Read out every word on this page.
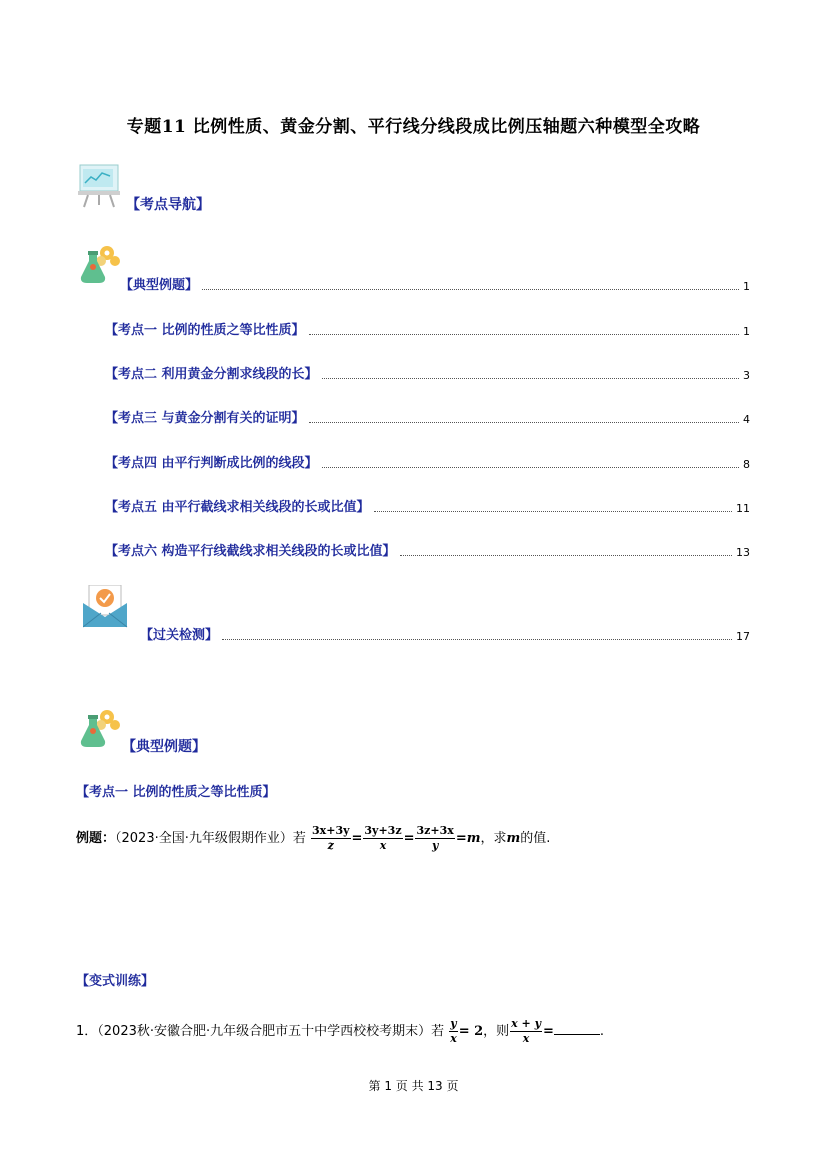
专题11 比例性质、黄金分割、平行线分线段成比例压轴题六种模型全攻略
【考点导航】
【典型例题】	1
【考点一 比例的性质之等比性质】	1
【考点二 利用黄金分割求线段的长】	3
【考点三 与黄金分割有关的证明】	4
【考点四 由平行判断成比例的线段】	8
【考点五 由平行截线求相关线段的长或比值】	11
【考点六 构造平行线截线求相关线段的长或比值】	13
【过关检测】	17
【典型例题】
【考点一 比例的性质之等比性质】
例题：（2023·全国·九年级假期作业）若 $\frac{3x+3y}{z} = \frac{3y+3z}{x} = \frac{3z+3x}{y} =m$，求m的值.
【变式训练】
1．（2023秋·安徽合肥·九年级合肥市五十中学西校校考期末）若 $\frac{y}{x} = 2$，则 $\frac{x + y}{x}$ =	.
第 1 页 共 13 页
